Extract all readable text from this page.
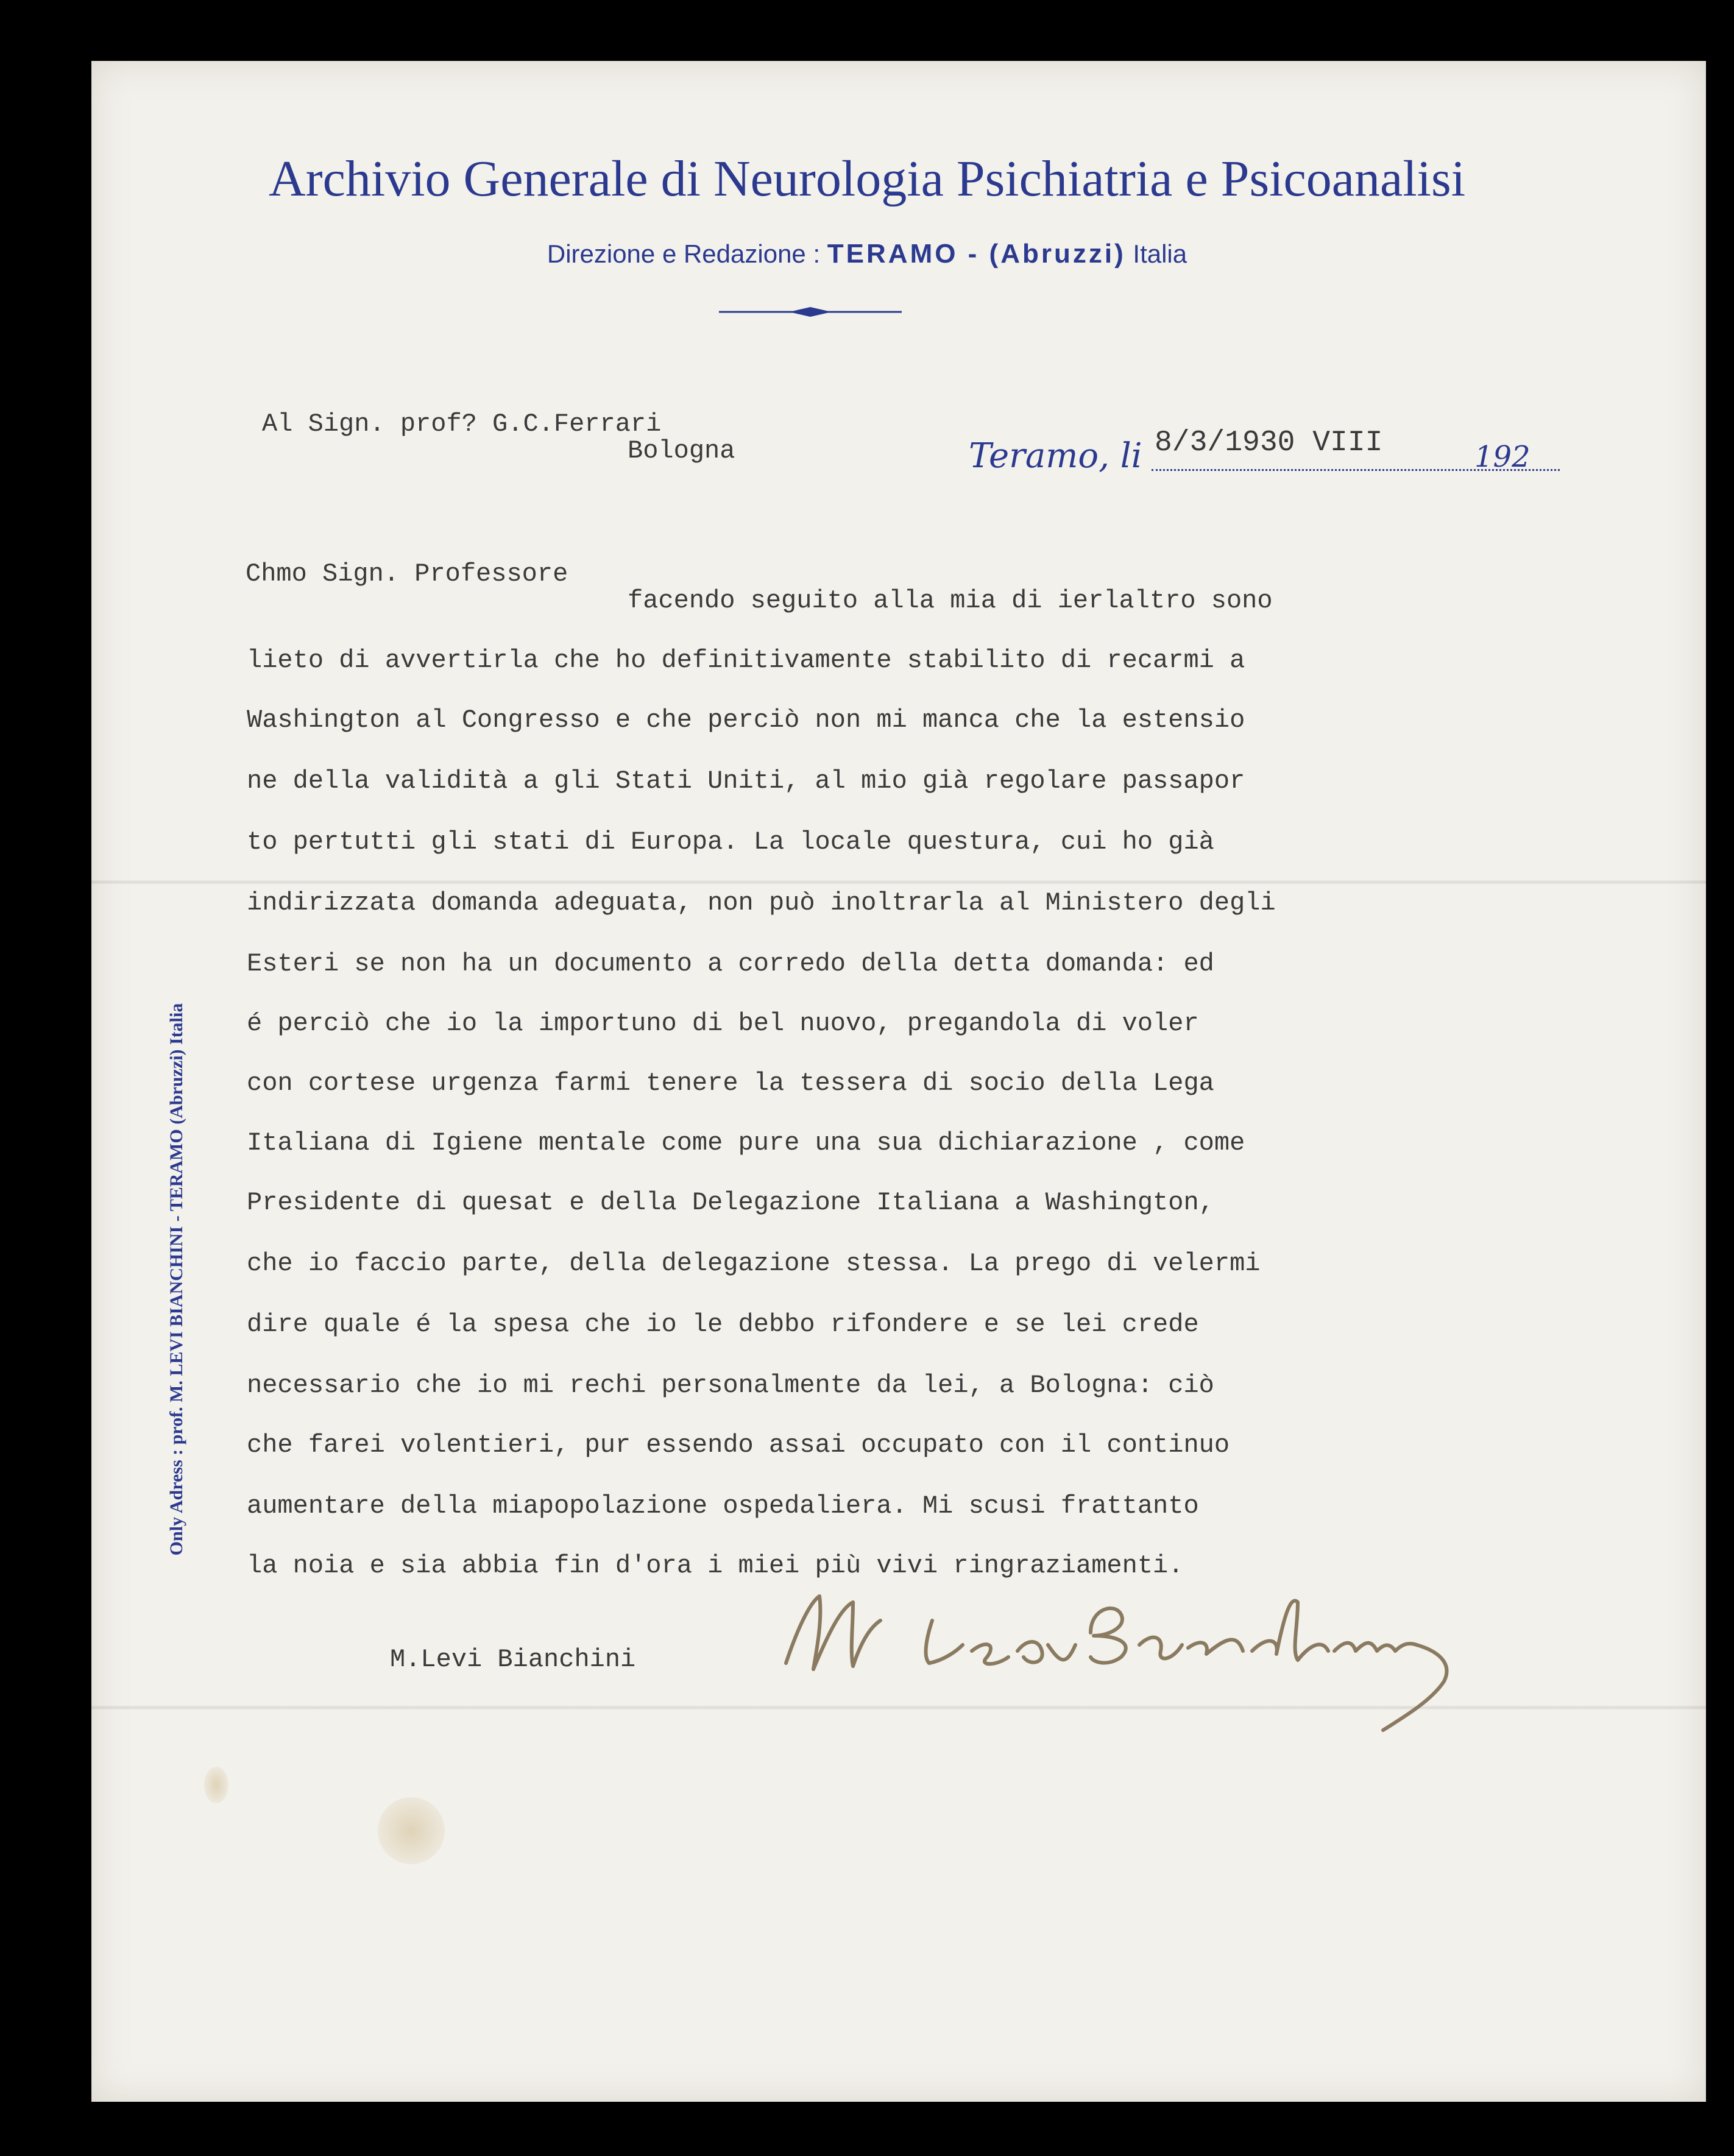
Archivio Generale di Neurologia Psichiatria e Psicoanalisi
Direzione e Redazione : TERAMO - (Abruzzi) Italia
Only Adress : prof. M. LEVI BIANCHINI - TERAMO (Abruzzi) Italia
Al Sign. prof? G.C.Ferrari
Bologna	Teramo, li 8/3/1930 VIII	192
Chmo Sign. Professore
facendo seguito alla mia di ierlaltro sono
lieto di avvertirla che ho definitivamente stabilito di recarmi a
Washington al Congresso e che perciò non mi manca che la estensio
ne della validità a gli Stati Uniti, al mio già regolare passapor
to pertutti gli stati di Europa. La locale questura, cui ho già
indirizzata domanda adeguata, non può inoltrarla al Ministero degli
Esteri se non ha un documento a corredo della detta domanda: ed
é perciò che io la importuno di bel nuovo, pregandola di voler
con cortese urgenza farmi tenere la tessera di socio della Lega
Italiana di Igiene mentale come pure una sua dichiarazione , come
Presidente di quesat e della Delegazione Italiana a Washington,
che io faccio parte, della delegazione stessa. La prego di velermi
dire quale é la spesa che io le debbo rifondere e se lei crede
necessario che io mi rechi personalmente da lei, a Bologna: ciò
che farei volentieri, pur essendo assai occupato con il continuo
aumentare della miapopolazione ospedaliera. Mi scusi frattanto
la noia e sia abbia fin d'ora i miei più vivi ringraziamenti.
M.Levi Bianchini
